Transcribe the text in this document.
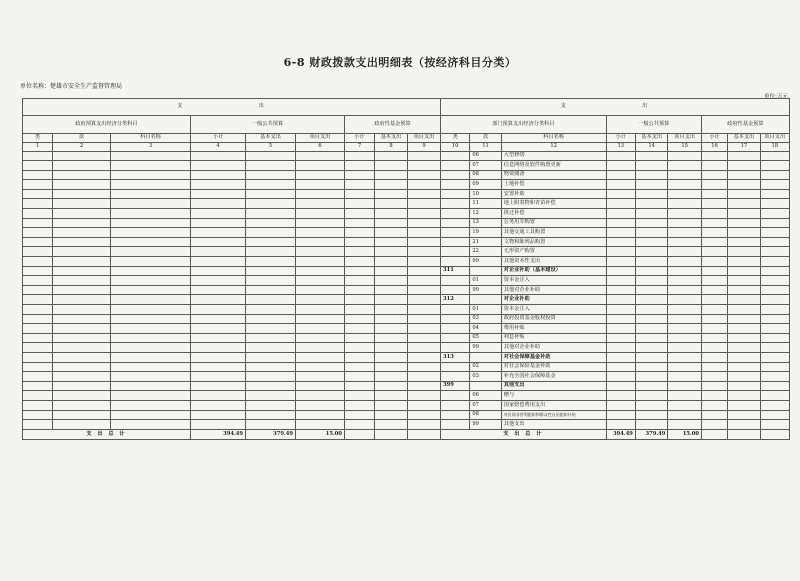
6-8 财政拨款支出明细表（按经济科目分类）
单位名称：楚雄市安全生产监督管理局
单位:万元
支　　出								
政府预算支出经济分类科目			一般公共预算			政府性基金预算		
类	款	科目名称	小计	基本支出	项目支出	小计	基本支出	项目支出
1	2	3	4	5	6	7	8	9

支 出 总 计			394.49	379.49	15.00			
支　　出								
部门预算支出经济分类科目			一般公共预算			政府性基金预算		
类	款	科目名称	小计	基本支出	项目支出	小计	基本支出	项目支出
10	11	12	13	14	15	16	17	18
	06	大型修缮						
	07	信息网络及软件购置更新						
	08	物资储备						
	09	土地补偿						
	10	安置补助						
	11	地上附着物和青苗补偿						
	12	拆迁补偿						
	13	公务用车购置						
	19	其他交通工具购置						
	21	文物和陈列品购置						
	22	无形资产购置						
	99	其他资本性支出						
311		对企业补助（基本建设）						
	01	资本金注入						
	99	其他对企业补助						
312		对企业补助						
	01	资本金注入						
	03	政府投资基金股权投资						
	04	费用补贴						
	05	利息补贴						
	99	其他对企业补助						
313		对社会保障基金补助						
	02	对社会保险基金补助						
	03	补充全国社会保障基金						
399		其他支出						
	06	赠与						
	07	国家赔偿费用支出						
	08	对民间非营利组织和群众性自治组织补贴						
	99	其他支出						
支 出 总 计			394.49	379.49	15.00			
